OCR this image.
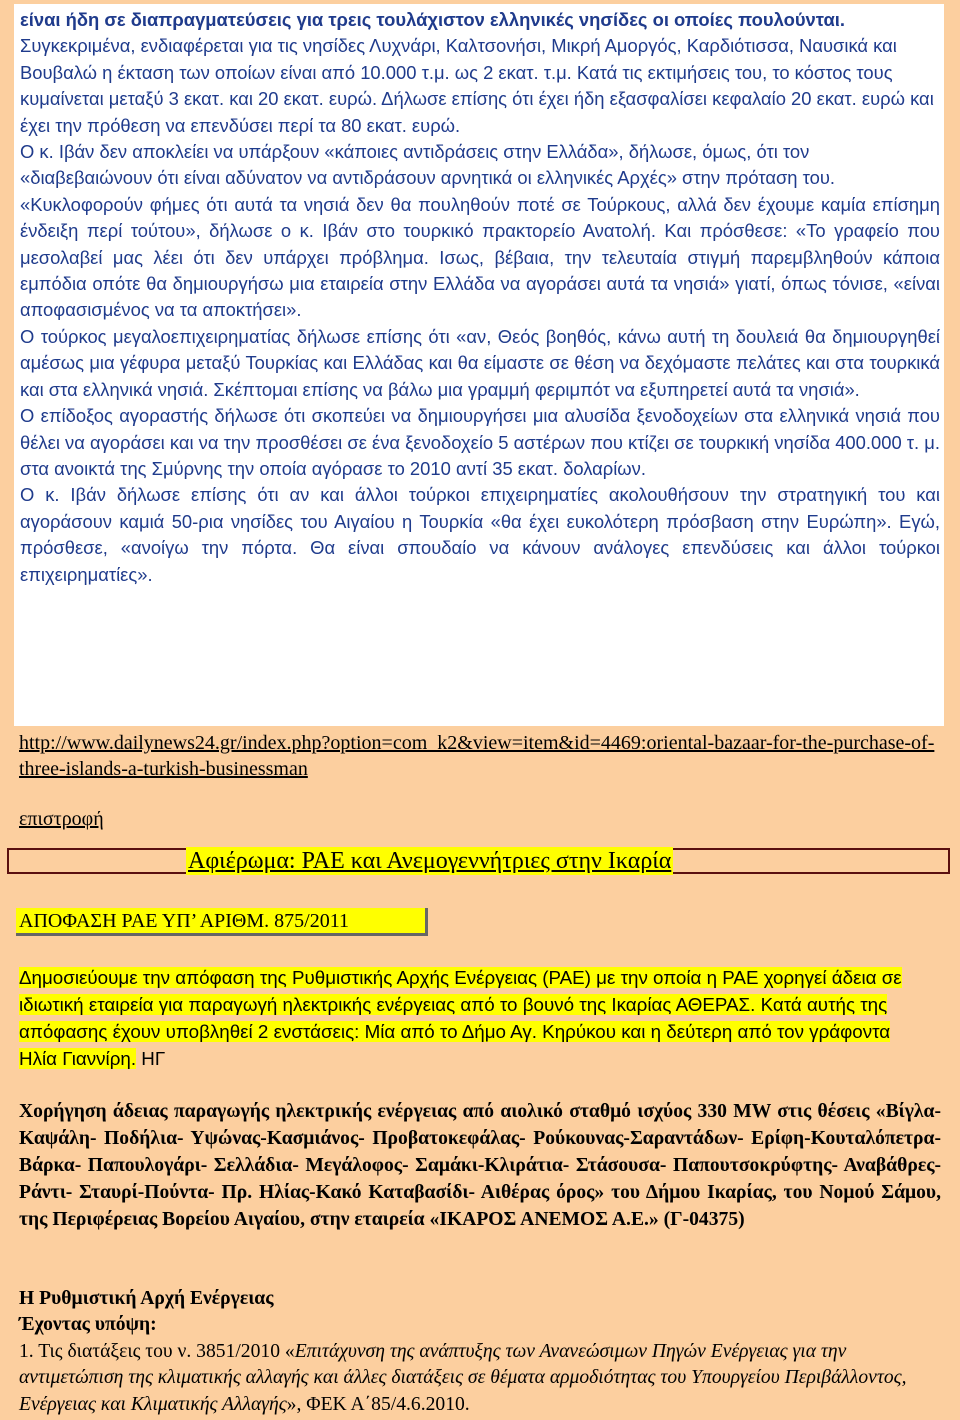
είναι ήδη σε διαπραγματεύσεις για τρεις τουλάχιστον ελληνικές νησίδες οι οποίες πουλούνται.

Συγκεκριμένα, ενδιαφέρεται για τις νησίδες Λυχνάρι, Καλτσονήσι, Μικρή Αμοργός, Καρδιότισσα, Ναυσικά και Βουβαλώ η έκταση των οποίων είναι από 10.000 τ.μ. ως 2 εκατ. τ.μ. Κατά τις εκτιμήσεις του, το κόστος τους κυμαίνεται μεταξύ 3 εκατ. και 20 εκατ. ευρώ. Δήλωσε επίσης ότι έχει ήδη εξασφαλίσει κεφαλαίο 20 εκατ. ευρώ και έχει την πρόθεση να επενδύσει περί τα 80 εκατ. ευρώ.

Ο κ. Ιβάν δεν αποκλείει να υπάρξουν «κάποιες αντιδράσεις στην Ελλάδα», δήλωσε, όμως, ότι τον «διαβεβαιώνουν ότι είναι αδύνατον να αντιδράσουν αρνητικά οι ελληνικές Αρχές» στην πρόταση του.

«Κυκλοφορούν φήμες ότι αυτά τα νησιά δεν θα πουληθούν ποτέ σε Τούρκους, αλλά δεν έχουμε καμία επίσημη ένδειξη περί τούτου», δήλωσε ο κ. Ιβάν στο τουρκικό πρακτορείο Ανατολή. Και πρόσθεσε: «Το γραφείο που μεσολαβεί μας λέει ότι δεν υπάρχει πρόβλημα. Ισως, βέβαια, την τελευταία στιγμή παρεμβληθούν κάποια εμπόδια οπότε θα δημιουργήσω μια εταιρεία στην Ελλάδα να αγοράσει αυτά τα νησιά» γιατί, όπως τόνισε, «είναι αποφασισμένος να τα αποκτήσει».

Ο τούρκος μεγαλοεπιχειρηματίας δήλωσε επίσης ότι «αν, Θεός βοηθός, κάνω αυτή τη δουλειά θα δημιουργηθεί αμέσως μια γέφυρα μεταξύ Τουρκίας και Ελλάδας και θα είμαστε σε θέση να δεχόμαστε πελάτες και στα τουρκικά και στα ελληνικά νησιά. Σκέπτομαι επίσης να βάλω μια γραμμή φεριμπότ να εξυπηρετεί αυτά τα νησιά».

Ο επίδοξος αγοραστής δήλωσε ότι σκοπεύει να δημιουργήσει μια αλυσίδα ξενοδοχείων στα ελληνικά νησιά που θέλει να αγοράσει και να την προσθέσει σε ένα ξενοδοχείο 5 αστέρων που κτίζει σε τουρκική νησίδα 400.000 τ. μ. στα ανοικτά της Σμύρνης την οποία αγόρασε το 2010 αντί 35 εκατ. δολαρίων.

Ο κ. Ιβάν δήλωσε επίσης ότι αν και άλλοι τούρκοι επιχειρηματίες ακολουθήσουν την στρατηγική του και αγοράσουν καμιά 50-ρια νησίδες του Αιγαίου η Τουρκία «θα έχει ευκολότερη πρόσβαση στην Ευρώπη». Εγώ, πρόσθεσε, «ανοίγω την πόρτα. Θα είναι σπουδαίο να κάνουν ανάλογες επενδύσεις και άλλοι τούρκοι επιχειρηματίες».

http://www.dailynews24.gr/index.php?option=com_k2&view=item&id=4469:oriental-bazaar-for-the-purchase-of-three-islands-a-turkish-businessman
επιστροφή
Αφιέρωμα: ΡΑΕ και Ανεμογεννήτριες στην Ικαρία
ΑΠΟΦΑΣΗ ΡΑΕ ΥΠ’ ΑΡΙΘΜ. 875/2011
Δημοσιεύουμε την απόφαση της Ρυθμιστικής Αρχής Ενέργειας (ΡΑΕ) με την οποία η ΡΑΕ χορηγεί άδεια σε ιδιωτική εταιρεία για παραγωγή ηλεκτρικής ενέργειας από το βουνό της Ικαρίας ΑΘΕΡΑΣ. Κατά αυτής της απόφασης έχουν υποβληθεί 2 ενστάσεις: Μία από το Δήμο Αγ. Κηρύκου και η δεύτερη από τον γράφοντα Ηλία Γιαννίρη. ΗΓ
Χορήγηση άδειας παραγωγής ηλεκτρικής ενέργειας από αιολικό σταθμό ισχύος 330 MW στις θέσεις «Βίγλα- Καψάλη- Ποδήλια- Υψώνας-Κασμιάνος- Προβατοκεφάλας- Ρούκουνας-Σαραντάδων- Ερίφη-Κουταλόπετρα- Βάρκα- Παπουλογάρι- Σελλάδια- Μεγάλοφος- Σαμάκι-Κλιράτια- Στάσουσα- Παπουτσοκρύφτης- Αναβάθρες- Ράντι- Σταυρί-Πούντα- Πρ. Ηλίας-Κακό Καταβασίδι- Αιθέρας όρος» του Δήμου Ικαρίας, του Νομού Σάμου, της Περιφέρειας Βορείου Αιγαίου, στην εταιρεία «ΙΚΑΡΟΣ ΑΝΕΜΟΣ Α.Ε.» (Γ-04375)
Η Ρυθμιστική Αρχή Ενέργειας
Έχοντας υπόψη:
1. Τις διατάξεις του ν. 3851/2010 «Επιτάχυνση της ανάπτυξης των Ανανεώσιμων Πηγών Ενέργειας για την αντιμετώπιση της κλιματικής αλλαγής και άλλες διατάξεις σε θέματα αρμοδιότητας του Υπουργείου Περιβάλλοντος, Ενέργειας και Κλιματικής Αλλαγής», ΦΕΚ Α΄85/4.6.2010.
